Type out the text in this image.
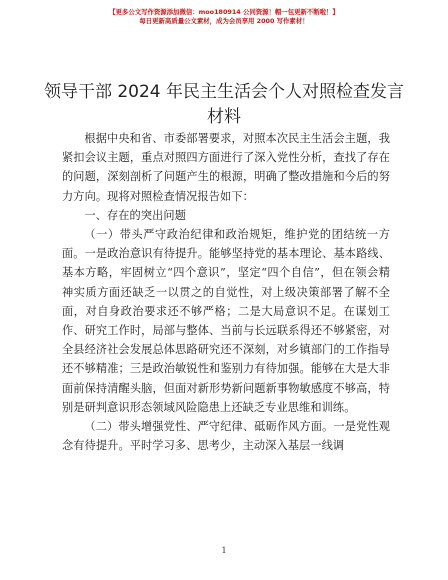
【更多公文写作资源添加微信：moo180914 公同资源！帽一包更新不断啦！】
每日更新高质量公文素材，成为会员享用 2000 写作素材！
领导干部 2024 年民主生活会个人对照检查发言
材料

根据中央和省、市委部署要求，对照本次民主生活会主题，我紧扣会议主题，重点对照四方面进行了深入党性分析，查找了存在的问题，深刻剖析了问题产生的根源，明确了整改措施和今后的努力方向。现将对照检查情况报告如下：

一、存在的突出问题

（一）带头严守政治纪律和政治规矩，维护党的团结统一方面。一是政治意识有待提升。能够坚持党的基本理论、基本路线、基本方略，牢固树立“四个意识”，坚定“四个自信”，但在领会精神实质方面还缺乏一以贯之的自觉性，对上级决策部署了解不全面，对自身政治要求还不够严格；二是大局意识不足。在谋划工作、研究工作时，局部与整体、当前与长远联系得还不够紧密，对全县经济社会发展总体思路研究还不深刻，对乡镇部门的工作指导还不够精准；三是政治敏锐性和鉴别力有待加强。能够在大是大非面前保持清醒头脑，但面对新形势新问题新事物敏感度不够高，特别是研判意识形态领域风险隐患上还缺乏专业思维和训练。

（二）带头增强党性、严守纪律、砥砺作风方面。一是党性观念有待提升。平时学习多、思考少，主动深入基层一线调

1
